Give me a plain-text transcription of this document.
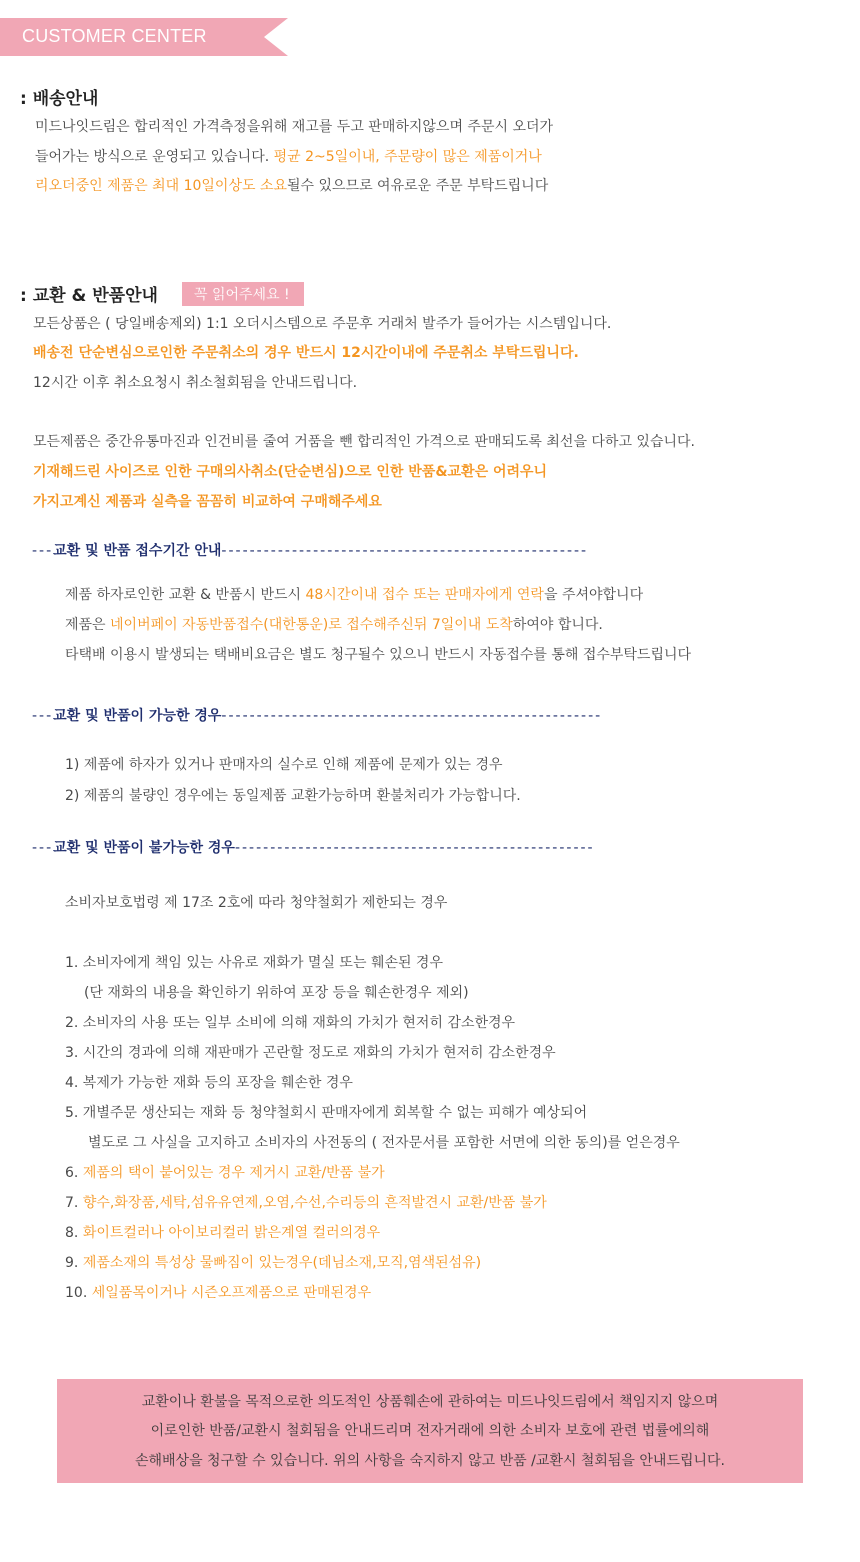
CUSTOMER CENTER
: 배송안내
미드나잇드림은 합리적인 가격측정을위해 재고를 두고 판매하지않으며 주문시 오더가
들어가는 방식으로 운영되고 있습니다. 평균 2~5일이내, 주문량이 많은 제품이거나
리오더중인 제품은 최대 10일이상도 소요될수 있으므로 여유로운 주문 부탁드립니다
: 교환 & 반품안내	꼭 읽어주세요 !
모든상품은 ( 당일배송제외) 1:1 오더시스템으로 주문후 거래처 발주가 들어가는 시스템입니다.
배송전 단순변심으로인한 주문취소의 경우 반드시 12시간이내에 주문취소 부탁드립니다.
12시간 이후 취소요청시 취소철회됨을 안내드립니다.
모든제품은 중간유통마진과 인건비를 줄여 거품을 뺀 합리적인 가격으로 판매되도록 최선을 다하고 있습니다.
기재해드린 사이즈로 인한 구매의사취소(단순변심)으로 인한 반품&교환은 어려우니
가지고계신 제품과 실측을 꼼꼼히 비교하여 구매해주세요
---교환 및 반품 접수기간 안내----------------------------------------------------
제품 하자로인한 교환 & 반품시 반드시 48시간이내 접수 또는 판매자에게 연락을 주셔야합니다
제품은 네이버페이 자동반품접수(대한통운)로 접수해주신뒤 7일이내 도착하여야 합니다.
타택배 이용시 발생되는 택배비요금은 별도 청구될수 있으니 반드시 자동접수를 통해 접수부탁드립니다
---교환 및 반품이 가능한 경우------------------------------------------------------
1) 제품에 하자가 있거나 판매자의 실수로 인해 제품에 문제가 있는 경우
2) 제품의 불량인 경우에는 동일제품 교환가능하며 환불처리가 가능합니다.
---교환 및 반품이 불가능한 경우---------------------------------------------------
소비자보호법령 제 17조 2호에 따라 청약철회가 제한되는 경우
1. 소비자에게 책임 있는 사유로 재화가 멸실 또는 훼손된 경우
(단 재화의 내용을 확인하기 위하여 포장 등을 훼손한경우 제외)
2. 소비자의 사용 또는 일부 소비에 의해 재화의 가치가 현저히 감소한경우
3. 시간의 경과에 의해 재판매가 곤란할 정도로 재화의 가치가 현저히 감소한경우
4. 복제가 가능한 재화 등의 포장을 훼손한 경우
5. 개별주문 생산되는 재화 등 청약철회시 판매자에게 회복할 수 없는 피해가 예상되어
별도로 그 사실을 고지하고 소비자의 사전동의 ( 전자문서를 포함한 서면에 의한 동의)를 얻은경우
6. 제품의 택이 붙어있는 경우 제거시 교환/반품 불가
7. 향수,화장품,세탁,섬유유연제,오염,수선,수리등의 흔적발견시 교환/반품 불가
8. 화이트컬러나 아이보리컬러 밝은계열 컬러의경우
9. 제품소재의 특성상 물빠짐이 있는경우(데님소재,모직,염색된섬유)
10. 세일품목이거나 시즌오프제품으로 판매된경우
교환이나 환불을 목적으로한 의도적인 상품훼손에 관하여는 미드나잇드림에서 책임지지 않으며
이로인한 반품/교환시 철회됨을 안내드리며 전자거래에 의한 소비자 보호에 관련 법률에의해
손해배상을 청구할 수 있습니다. 위의 사항을 숙지하지 않고 반품 /교환시 철회됨을 안내드립니다.
